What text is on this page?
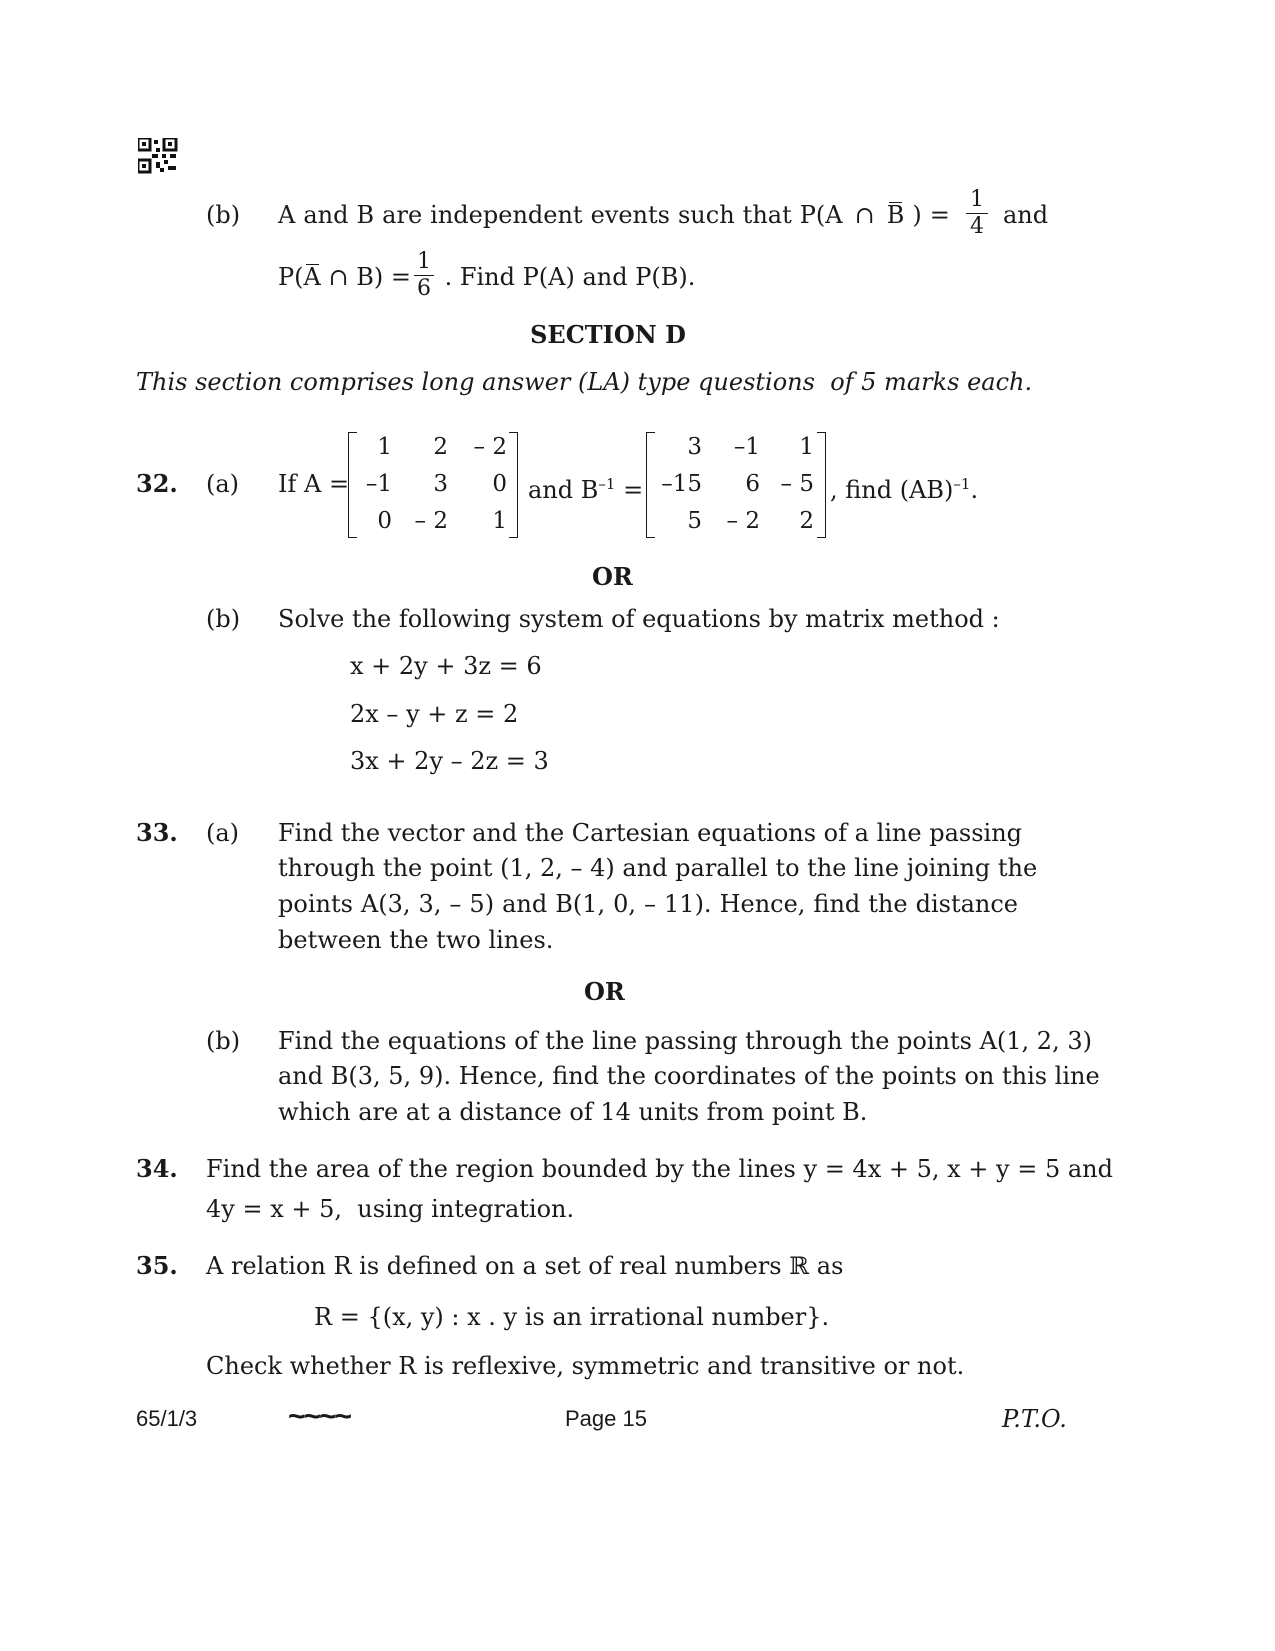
(b) A and B are independent events such that P(A ∩ B ) =
1
4 and
P(A ∩ B) = . Find P(A) and P(B).
1
6
SECTION D
This section comprises long answer (LA) type questions  of 5 marks each.
32. (a) If A =
1 2 – 2
–1 3 0
0 – 2 1
and $B^{-1}$ =
3 –1 1
–15 6 – 5
5 – 2 2
, find (AB)$^{-1}$.
OR
(b) Solve the following system of equations by matrix method :
x + 2y + 3z = 6
2x – y + z = 2
3x + 2y – 2z = 3
33. (a) Find the vector and the Cartesian equations of a line passing
through the point (1, 2, – 4) and parallel to the line joining the
points A(3, 3, – 5) and B(1, 0, – 11). Hence, find the distance
between the two lines.
OR
(b) Find the equations of the line passing through the points A(1, 2, 3)
and B(3, 5, 9). Hence, find the coordinates of the points on this line
which are at a distance of 14 units from point B.
34. Find the area of the region bounded by the lines y = 4x + 5, x + y = 5 and
4y = x + 5,  using integration.
35. A relation R is defined on a set of real numbers ℝ as
R = {(x, y) : x . y is an irrational number}.
Check whether R is reflexive, symmetric and transitive or not.
65/1/3	~~~~	Page 15	P.T.O.
